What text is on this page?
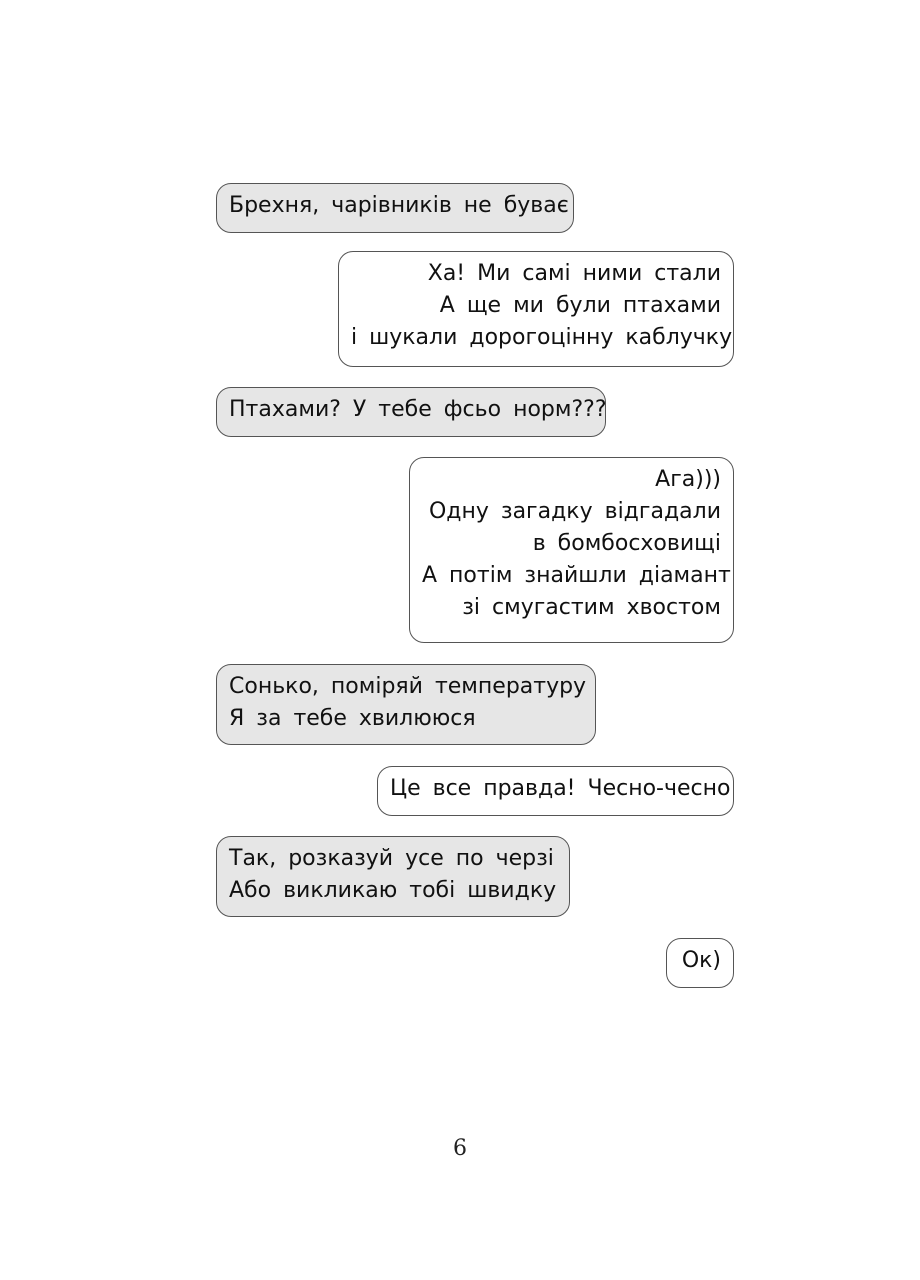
Брехня, чарівників не буває
Ха! Ми самі ними стали
А ще ми були птахами
і шукали дорогоцінну каблучку
Птахами? У тебе фсьо норм???
Ага)))
Одну загадку відгадали
в бомбосховищі
А потім знайшли діамант
зі смугастим хвостом
Сонько, поміряй температуру
Я за тебе хвилююся
Це все правда! Чесно-чесно
Так, розказуй усе по черзі
Або викликаю тобі швидку
Ок)
6
